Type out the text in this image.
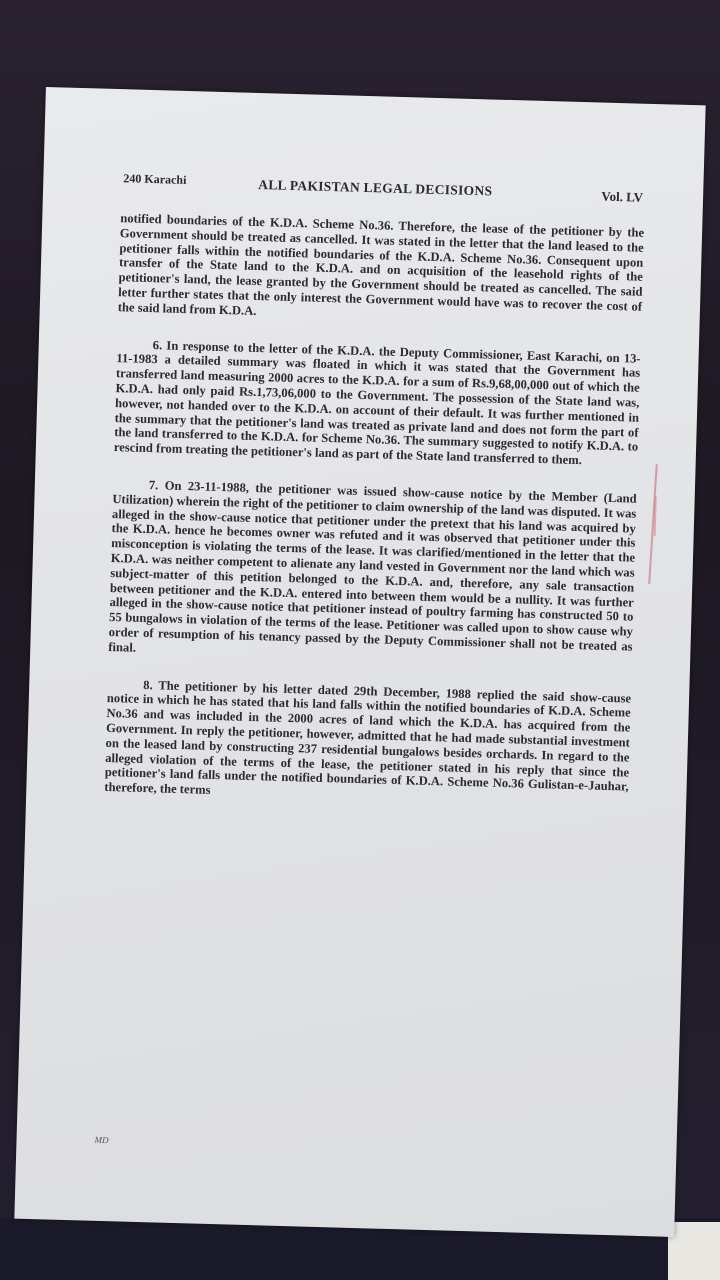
240 Karachi	ALL PAKISTAN LEGAL DECISIONS	Vol. LV

notified boundaries of the K.D.A. Scheme No.36. Therefore, the lease of the petitioner by the Government should be treated as cancelled. It was stated in the letter that the land leased to the petitioner falls within the notified boundaries of the K.D.A. Scheme No.36. Consequent upon transfer of the State land to the K.D.A. and on acquisition of the leasehold rights of the petitioner's land, the lease granted by the Government should be treated as cancelled. The said letter further states that the only interest the Government would have was to recover the cost of the said land from K.D.A.

6. In response to the letter of the K.D.A. the Deputy Commissioner, East Karachi, on 13-11-1983 a detailed summary was floated in which it was stated that the Government has transferred land measuring 2000 acres to the K.D.A. for a sum of Rs.9,68,00,000 out of which the K.D.A. had only paid Rs.1,73,06,000 to the Government. The possession of the State land was, however, not handed over to the K.D.A. on account of their default. It was further mentioned in the summary that the petitioner's land was treated as private land and does not form the part of the land transferred to the K.D.A. for Scheme No.36. The summary suggested to notify K.D.A. to rescind from treating the petitioner's land as part of the State land transferred to them.

7. On 23-11-1988, the petitioner was issued show-cause notice by the Member (Land Utilization) wherein the right of the petitioner to claim ownership of the land was disputed. It was alleged in the show-cause notice that petitioner under the pretext that his land was acquired by the K.D.A. hence he becomes owner was refuted and it was observed that petitioner under this misconception is violating the terms of the lease. It was clarified/mentioned in the letter that the K.D.A. was neither competent to alienate any land vested in Government nor the land which was subject-matter of this petition belonged to the K.D.A. and, therefore, any sale transaction between petitioner and the K.D.A. entered into between them would be a nullity. It was further alleged in the show-cause notice that petitioner instead of poultry farming has constructed 50 to 55 bungalows in violation of the terms of the lease. Petitioner was called upon to show cause why order of resumption of his tenancy passed by the Deputy Commissioner shall not be treated as final.

8. The petitioner by his letter dated 29th December, 1988 replied the said show-cause notice in which he has stated that his land falls within the notified boundaries of K.D.A. Scheme No.36 and was included in the 2000 acres of land which the K.D.A. has acquired from the Government. In reply the petitioner, however, admitted that he had made substantial investment on the leased land by constructing 237 residential bungalows besides orchards. In regard to the alleged violation of the terms of the lease, the petitioner stated in his reply that since the petitioner's land falls under the notified boundaries of K.D.A. Scheme No.36 Gulistan-e-Jauhar, therefore, the terms

MD
